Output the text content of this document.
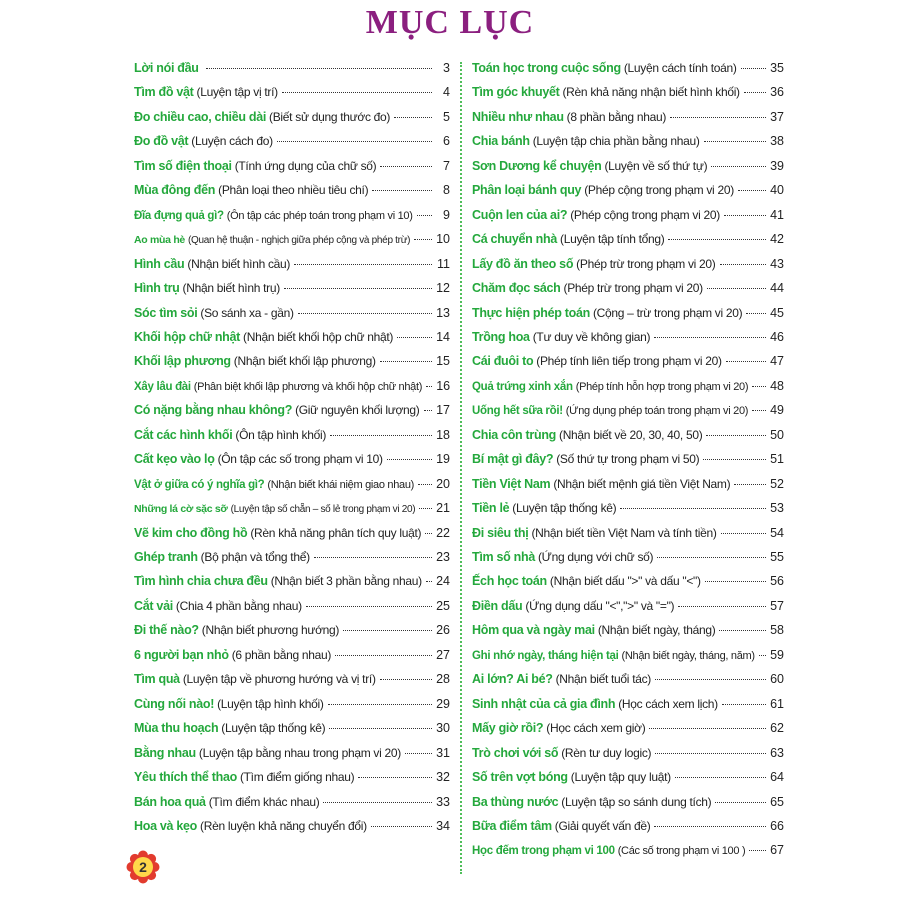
MỤC LỤC
Lời nói đầu	3
Tìm đồ vật (Luyện tập vị trí)	4
Đo chiều cao, chiều dài (Biết sử dụng thước đo)	5
Đo đồ vật (Luyện cách đo)	6
Tìm số điện thoại (Tính ứng dụng của chữ số)	7
Mùa đông đến (Phân loại theo nhiều tiêu chí)	8
Đĩa đựng quả gì? (Ôn tập các phép toán trong phạm vi 10)	9
Ao mùa hè (Quan hệ thuận - nghịch giữa phép cộng và phép trừ) 10
Hình cầu (Nhận biết hình cầu)	11
Hình trụ (Nhận biết hình trụ)	12
Sóc tìm sỏi (So sánh xa - gần)	13
Khối hộp chữ nhật (Nhận biết khối hộp chữ nhật)	14
Khối lập phương (Nhận biết khối lập phương)	15
Xây lâu đài (Phân biệt khối lập phương và khối hộp chữ nhật) 16
Có nặng bằng nhau không? (Giữ nguyên khối lượng) 17
Cắt các hình khối (Ôn tập hình khối)	18
Cất kẹo vào lọ (Ôn tập các số trong phạm vi 10)	19
Vật ở giữa có ý nghĩa gì? (Nhận biết khái niệm giao nhau) 20
Những lá cờ sặc sỡ (Luyện tập số chẵn – số lẻ trong phạm vi 20) 21
Vẽ kim cho đồng hồ (Rèn khả năng phân tích quy luật) 22
Ghép tranh (Bộ phận và tổng thể)	23
Tìm hình chia chưa đều (Nhận biết 3 phần bằng nhau) 24
Cắt vải (Chia 4 phần bằng nhau)	25
Đi thế nào? (Nhận biết phương hướng)	26
6 người bạn nhỏ (6 phần bằng nhau)	27
Tìm quà (Luyện tập về phương hướng và vị trí)	28
Cùng nối nào! (Luyện tập hình khối)	29
Mùa thu hoạch (Luyện tập thống kê)	30
Bằng nhau (Luyện tập bằng nhau trong phạm vi 20)	31
Yêu thích thể thao (Tìm điểm giống nhau)	32
Bán hoa quả (Tìm điểm khác nhau)	33
Hoa và kẹo (Rèn luyện khả năng chuyển đổi)	34
Toán học trong cuộc sống (Luyện cách tính toán)	35
Tìm góc khuyết (Rèn khả năng nhận biết hình khối) 36
Nhiều như nhau (8 phần bằng nhau)	37
Chia bánh (Luyện tập chia phần bằng nhau)	38
Sơn Dương kể chuyện (Luyện về số thứ tự)	39
Phân loại bánh quy (Phép cộng trong phạm vi 20)	40
Cuộn len của ai? (Phép cộng trong phạm vi 20)	41
Cá chuyển nhà (Luyện tập tính tổng)	42
Lấy đồ ăn theo số (Phép trừ trong phạm vi 20)	43
Chăm đọc sách (Phép trừ trong phạm vi 20)	44
Thực hiện phép toán (Cộng – trừ trong phạm vi 20) 45
Trồng hoa (Tư duy về không gian)	46
Cái đuôi to (Phép tính liên tiếp trong phạm vi 20)	47
Quả trứng xinh xắn (Phép tính hỗn hợp trong phạm vi 20) 48
Uống hết sữa rồi! (Ứng dụng phép toán trong phạm vi 20) 49
Chia côn trùng (Nhận biết về 20, 30, 40, 50)	50
Bí mật gì đây? (Số thứ tự trong phạm vi 50)	51
Tiền Việt Nam (Nhận biết mệnh giá tiền Việt Nam)	52
Tiền lẻ (Luyện tập thống kê)	53
Đi siêu thị (Nhận biết tiền Việt Nam và tính tiền)	54
Tìm số nhà (Ứng dụng với chữ số)	55
Ếch học toán (Nhận biết dấu ">" và dấu "<")	56
Điền dấu (Ứng dụng dấu "<",">" và "=")	57
Hôm qua và ngày mai (Nhận biết ngày, tháng)	58
Ghi nhớ ngày, tháng hiện tại (Nhận biết ngày, tháng, năm) 59
Ai lớn? Ai bé? (Nhận biết tuổi tác)	60
Sinh nhật của cả gia đình (Học cách xem lịch)	61
Mấy giờ rồi? (Học cách xem giờ)	62
Trò chơi với số (Rèn tư duy logic)	63
Số trên vợt bóng (Luyện tập quy luật)	64
Ba thùng nước (Luyện tập so sánh dung tích)	65
Bữa điểm tâm (Giải quyết vấn đề)	66
Học đếm trong phạm vi 100 (Các số trong phạm vi 100 ) 67
2
